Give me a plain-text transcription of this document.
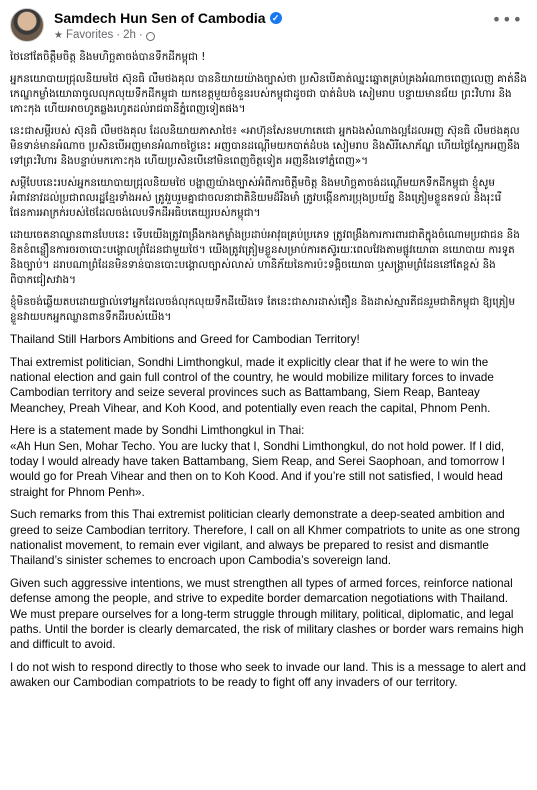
Samdech Hun Sen of Cambodia ✓
★ Favorites · 2h ·
•••

ថៃនៅតែចិត្តឹមចិត្ត និងមហិច្ឆតាចង់បានទឹកដីកម្ពុជា !

អ្នកនយោបាយជ្រុលនិយមថៃ ស៊ុនធិ លឹមថងគុល បាននិយាយយ៉ាងច្បាស់ថា ប្រសិនបើគាត់ឈ្នះឆ្នោតគ្រប់គ្រងអំណាចពេញលេញ គាត់នឹងកេណ្ឌកម្លាំងយោធាចូលលុកលុយទឹកដីកម្ពុជា យកខេត្តមួយចំនួនរបស់កម្ពុជាដូចជា បាត់ដំបង សៀមរាប បន្ទាយមានជ័យ ព្រះវិហារ និងកោះកុង ហើយអាចហូតឆ្លងរហូតដល់រាជធានីភ្នំពេញទៀតផង។

នេះជាសម្ដីរបស់ ស៊ុនធិ លឹមថងគុល ដែលនិយាយភាសាថៃ៖ «អាហ៊ុនសែនមហាតេជោ អ្នកឯងសំណាងល្អដែលអញ ស៊ុនធិ លឹមថងគុល មិនទាន់មានអំណាច ប្រសិនបើអញមានអំណាចថ្ងៃនេះ អញបានដណ្ដើមយកបាត់ដំបង សៀមរាប និងសិរីសោភ័ណ្ឌ ហើយថ្ងៃស្អែកអញនឹងទៅព្រះវិហារ និងបន្ទាប់មកកោះកុង ហើយប្រសិនបើនៅមិនពេញចិត្តទៀត អញនឹងទៅភ្នំពេញ»។

សម្ដីបែបនេះរបស់អ្នកនយោបាយជ្រុលនិយមថៃ បង្ហាញយ៉ាងច្បាស់អំពីការចិត្តឹមចិត្ត និងមហិច្ឆតាចង់ដណ្ដើមយកទឹកដីកម្ពុជា ខ្ញុំសូមអំពាវនាវដល់ប្រជាពលរដ្ឋខ្មែរទាំងអស់ ត្រូវរួបរួមគ្នាជាចលនាជាតិនិយមដ៏រឹងមាំ ត្រូវបង្កើនការប្រុងប្រយ័ត្ន និងត្រៀមខ្លួនតទល់ និងរុះរើផែនការអាក្រក់របស់ថៃដែលចង់លេបទឹកដីអធិបតេយ្យរបស់កម្ពុជា។

ដោយចេតនាឈ្លានពានបែបនេះ ទើបយើងត្រូវពង្រឹងកងកម្លាំងប្រដាប់អាវុធគ្រប់ប្រភេទ ត្រូវពង្រឹងការការពារជាតិក្នុងចំណោមប្រជាជន និងខិតខំពន្លឿនការចរចាបោះបង្គោលព្រំដែនជាមួយថៃ។ យើងត្រូវត្រៀមខ្លួនសម្រាប់ការតស៊ូរយៈពេលវែងតាមផ្លូវយោធា នយោបាយ ការទូត និងច្បាប់។ ដរាបណាព្រំដែនមិនទាន់បានបោះបង្គោលច្បាស់លាស់ ហានិភ័យនៃការប៉ះទង្គិចយោធា ឬសង្គ្រាមព្រំដែននៅតែខ្ពស់ និងពិបាកជៀសវាង។

ខ្ញុំមិនចង់ឆ្លើយតបដោយផ្ទាល់ទៅអ្នកដែលចង់លុកលុយទឹកដីយើងទេ តែនេះជាសារដាស់តឿន និងដាស់ស្មារតីជនរួមជាតិកម្ពុជា ឱ្យត្រៀមខ្លួនវាយបកអ្នកឈ្លានពានទឹកដីរបស់យើង។

Thailand Still Harbors Ambitions and Greed for Cambodian Territory!

Thai extremist politician, Sondhi Limthongkul, made it explicitly clear that if he were to win the national election and gain full control of the country, he would mobilize military forces to invade Cambodian territory and seize several provinces such as Battambang, Siem Reap, Banteay Meanchey, Preah Vihear, and Koh Kood, and potentially even reach the capital, Phnom Penh.

Here is a statement made by Sondhi Limthongkul in Thai:
«Ah Hun Sen, Mohar Techo. You are lucky that I, Sondhi Limthongkul, do not hold power. If I did, today I would already have taken Battambang, Siem Reap, and Serei Saophoan, and tomorrow I would go for Preah Vihear and then on to Koh Kood. And if you’re still not satisfied, I would head straight for Phnom Penh».

Such remarks from this Thai extremist politician clearly demonstrate a deep-seated ambition and greed to seize Cambodian territory. Therefore, I call on all Khmer compatriots to unite as one strong nationalist movement, to remain ever vigilant, and always be prepared to resist and dismantle Thailand’s sinister schemes to encroach upon Cambodia’s sovereign land.

Given such aggressive intentions, we must strengthen all types of armed forces, reinforce national defense among the people, and strive to expedite border demarcation negotiations with Thailand. We must prepare ourselves for a long-term struggle through military, political, diplomatic, and legal paths. Until the border is clearly demarcated, the risk of military clashes or border wars remains high and difficult to avoid.

I do not wish to respond directly to those who seek to invade our land. This is a message to alert and awaken our Cambodian compatriots to be ready to fight off any invaders of our territory.
